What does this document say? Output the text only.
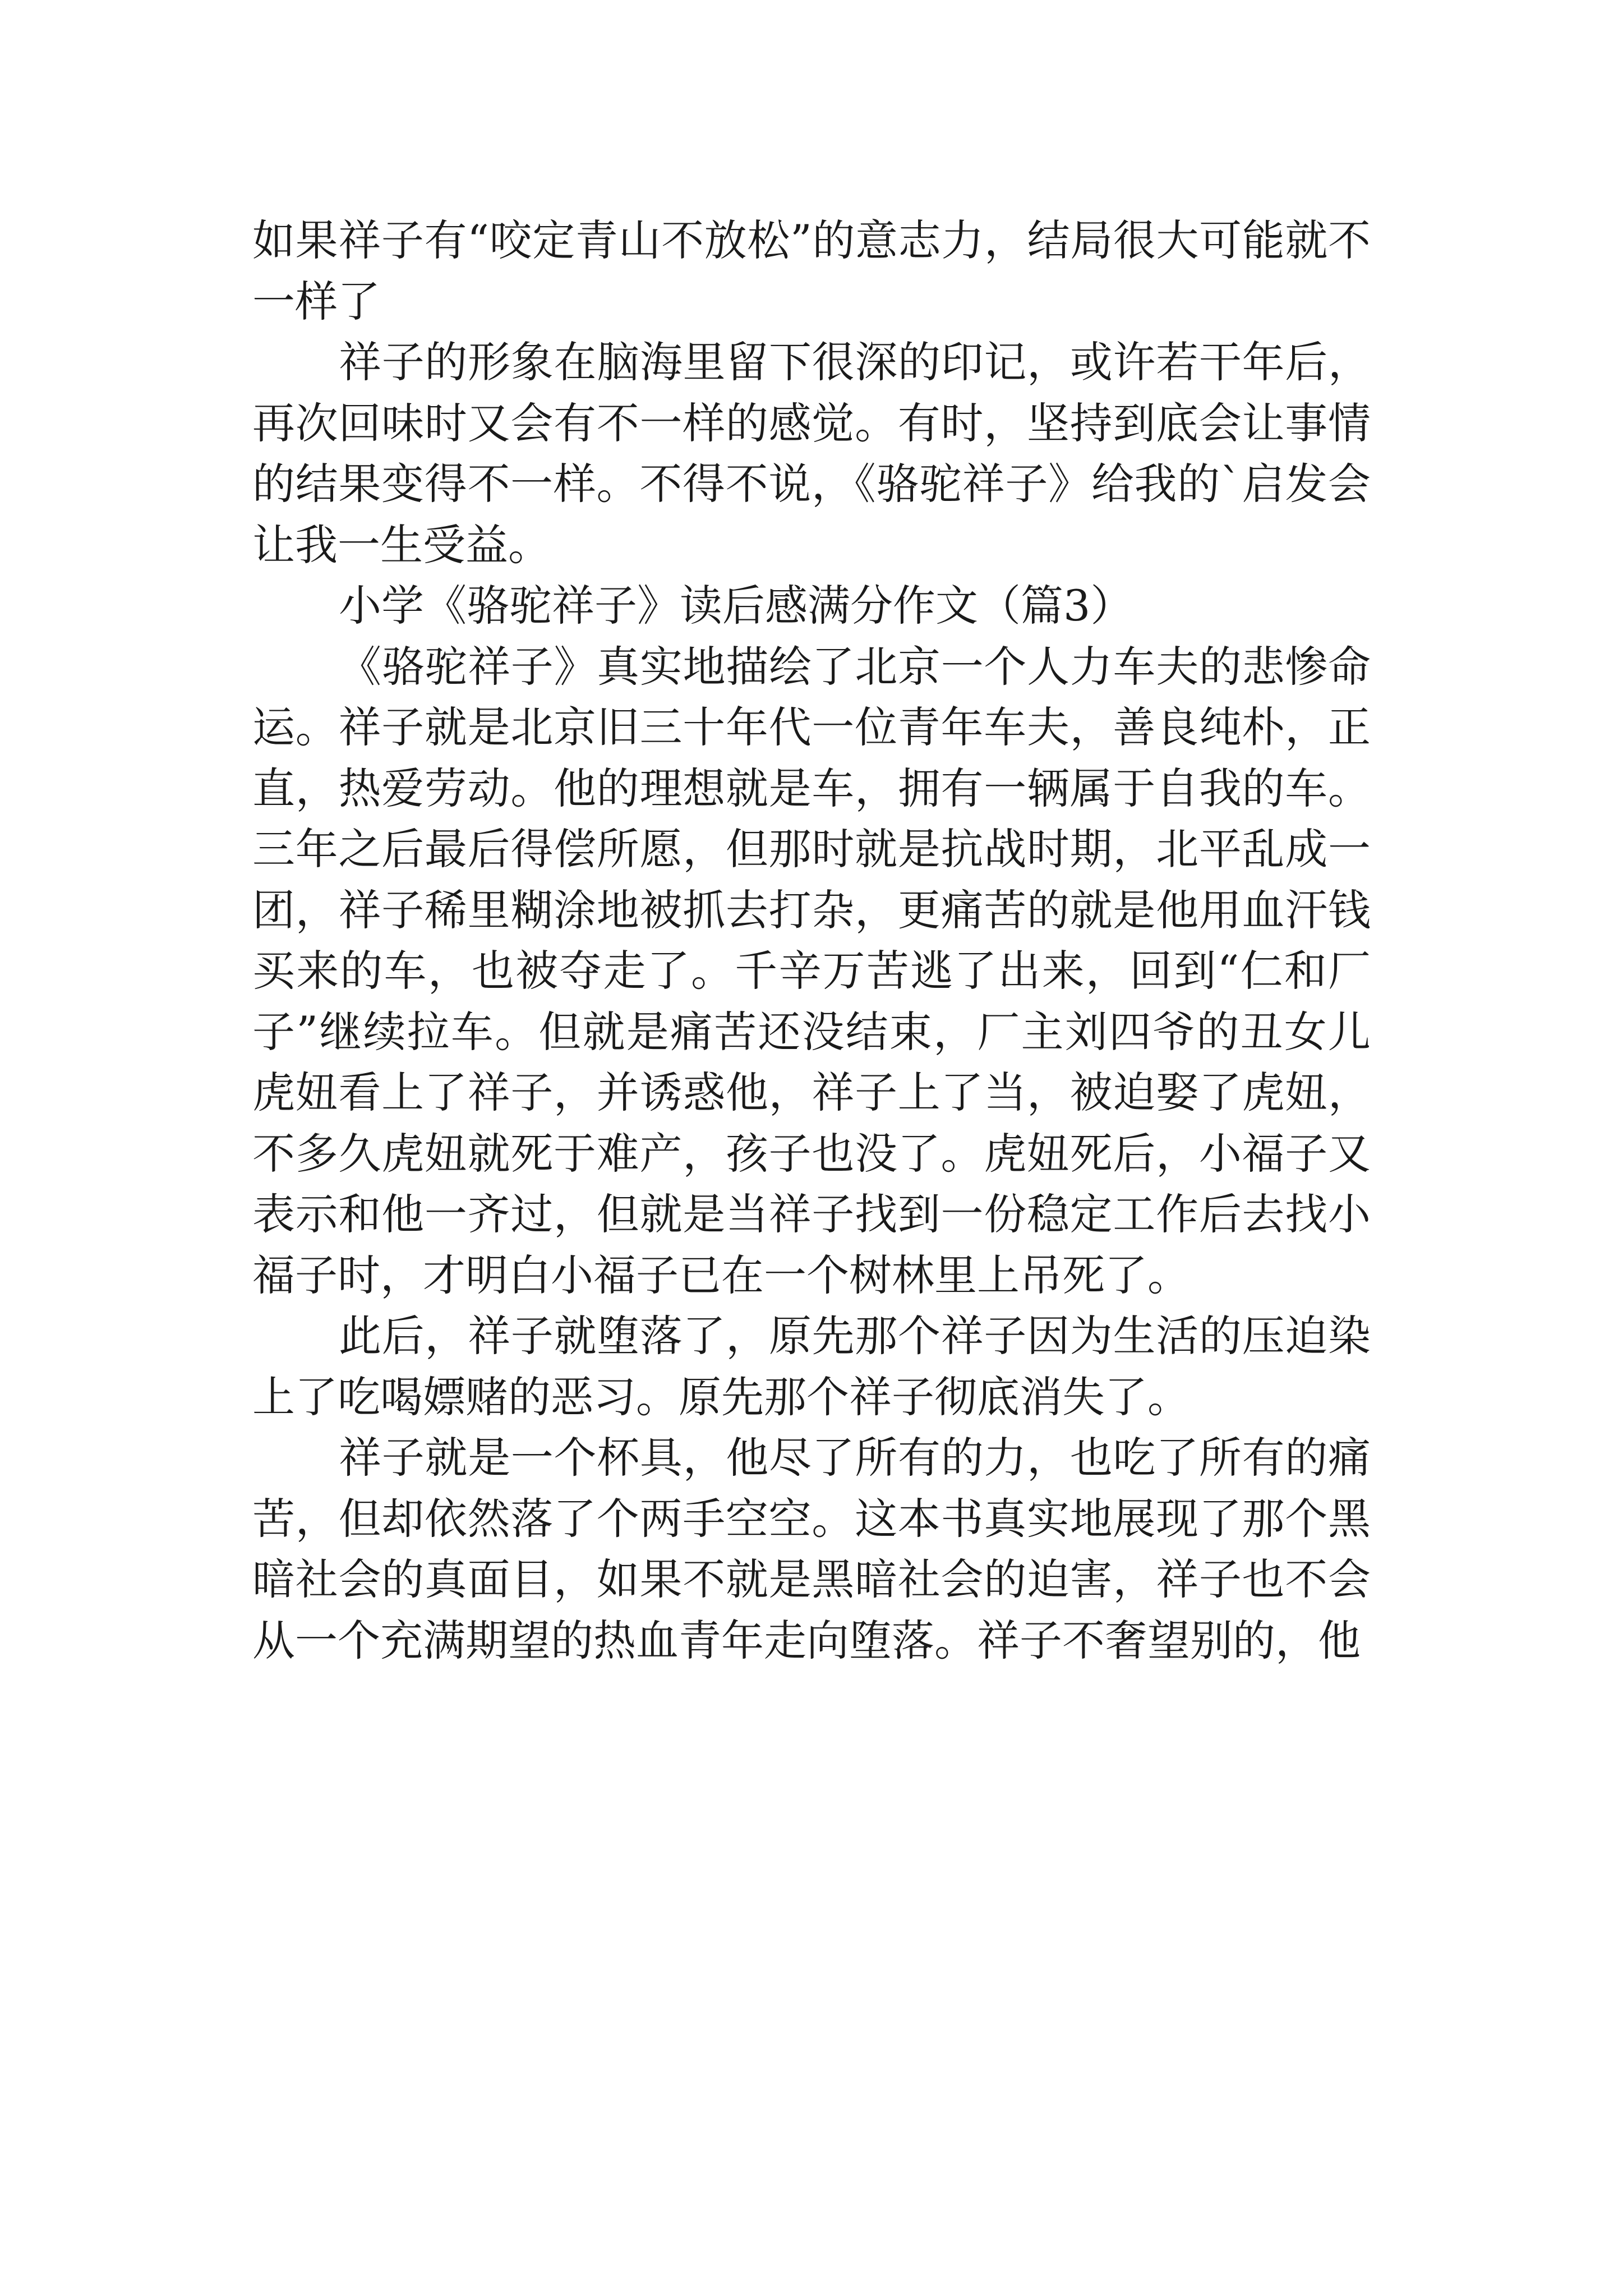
如果祥子有“咬定青山不放松”的意志力，结局很大可能就不一样了

祥子的形象在脑海里留下很深的印记，或许若干年后，再次回味时又会有不一样的感觉。有时，坚持到底会让事情的结果变得不一样。不得不说，《骆驼祥子》给我的`启发会让我一生受益。

小学《骆驼祥子》读后感满分作文（篇3）

《骆驼祥子》真实地描绘了北京一个人力车夫的悲惨命运。祥子就是北京旧三十年代一位青年车夫，善良纯朴，正直，热爱劳动。他的理想就是车，拥有一辆属于自我的车。三年之后最后得偿所愿，但那时就是抗战时期，北平乱成一团，祥子稀里糊涂地被抓去打杂，更痛苦的就是他用血汗钱买来的车，也被夺走了。千辛万苦逃了出来，回到“仁和厂子”继续拉车。但就是痛苦还没结束，厂主刘四爷的丑女儿虎妞看上了祥子，并诱惑他，祥子上了当，被迫娶了虎妞，不多久虎妞就死于难产，孩子也没了。虎妞死后，小福子又表示和他一齐过，但就是当祥子找到一份稳定工作后去找小福子时，才明白小福子已在一个树林里上吊死了。

此后，祥子就堕落了，原先那个祥子因为生活的压迫染上了吃喝嫖赌的恶习。原先那个祥子彻底消失了。

祥子就是一个杯具，他尽了所有的力，也吃了所有的痛苦，但却依然落了个两手空空。这本书真实地展现了那个黑暗社会的真面目，如果不就是黑暗社会的迫害，祥子也不会从一个充满期望的热血青年走向堕落。祥子不奢望别的，他
